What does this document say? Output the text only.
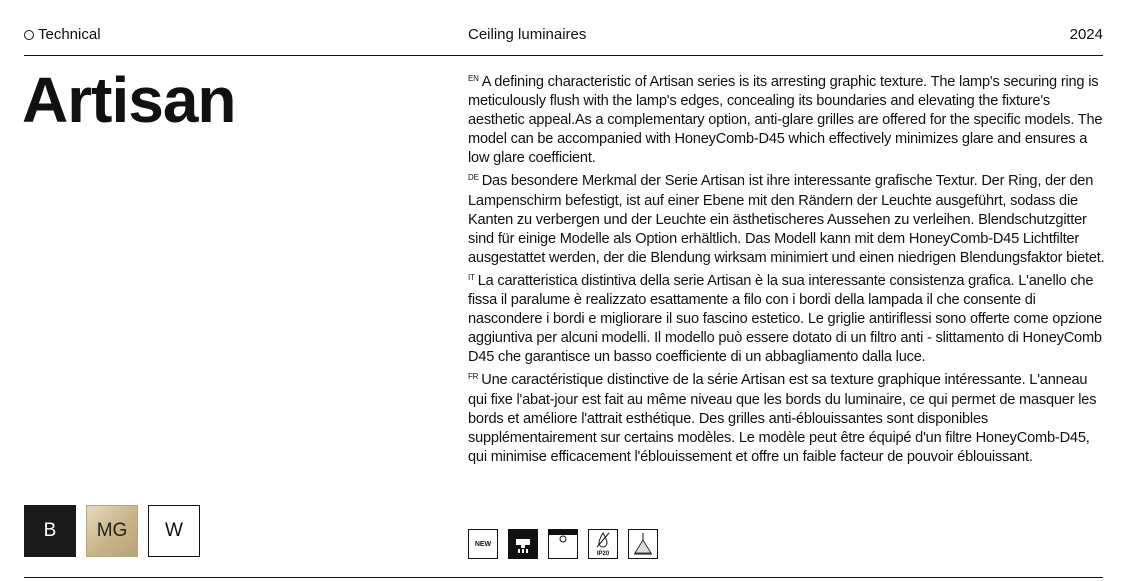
Technical	Ceiling luminaires	2024
Artisan	$^{EN}$ A defining characteristic of Artisan series is its arresting graphic texture. The lamp's securing ring is meticulously flush with the lamp's edges, concealing its boundaries and elevating the fixture's aesthetic appeal.As a complementary option, anti-glare grilles are offered for the specific models. The model can be accompanied with HoneyComb-D45 which effectively minimizes glare and ensures a low glare coefficient.

$^{DE}$ Das besondere Merkmal der Serie Artisan ist ihre interessante grafische Textur. Der Ring, der den Lampenschirm befestigt, ist auf einer Ebene mit den Rändern der Leuchte ausgeführt, sodass die Kanten zu verbergen und der Leuchte ein ästhetischeres Aussehen zu verleihen. Blendschutzgitter sind für einige Modelle als Option erhältlich. Das Modell kann mit dem HoneyComb-D45 Lichtfilter ausgestattet werden, der die Blendung wirksam minimiert und einen niedrigen Blendungsfaktor bietet.

$^{IT}$ La caratteristica distintiva della serie Artisan è la sua interessante consistenza grafica. L'anello che fissa il paralume è realizzato esattamente a filo con i bordi della lampada il che consente di nascondere i bordi e migliorare il suo fascino estetico. Le griglie antiriflessi sono offerte come opzione aggiuntiva per alcuni modelli. Il modello può essere dotato di un filtro anti - slittamento di HoneyComb D45 che garantisce un basso coefficiente di un abbagliamento dalla luce.

$^{FR}$ Une caractéristique distinctive de la série Artisan est sa texture graphique intéressante. L'anneau qui fixe l'abat-jour est fait au même niveau que les bords du luminaire, ce qui permet de masquer les bords et améliore l'attrait esthétique. Des grilles anti-éblouissantes sont disponibles supplémentairement sur certains modèles. Le modèle peut être équipé d'un filtre HoneyComb-D45, qui minimise efficacement l'éblouissement et offre un faible facteur de pouvoir éblouissant.

B	MG	W
NEW
IP20
